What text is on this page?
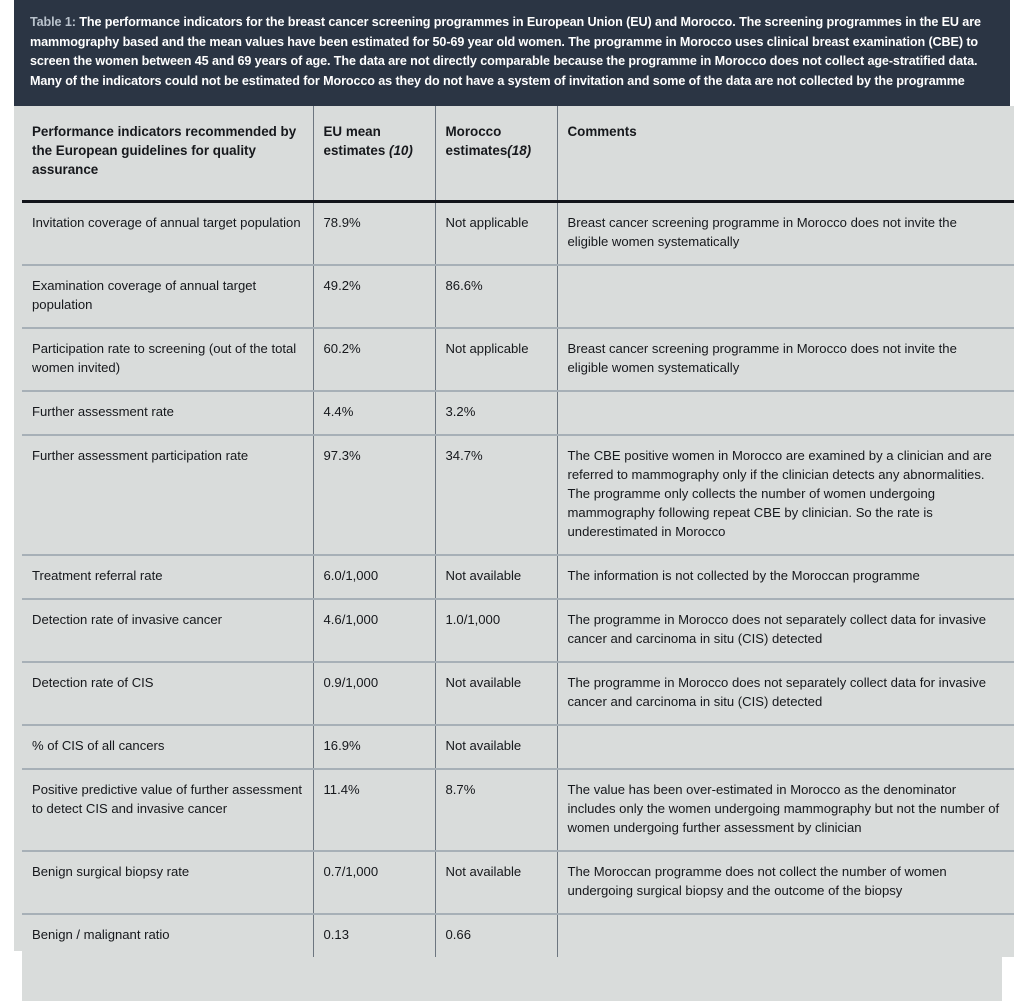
Table 1: The performance indicators for the breast cancer screening programmes in European Union (EU) and Morocco. The screening programmes in the EU are mammography based and the mean values have been estimated for 50-69 year old women. The programme in Morocco uses clinical breast examination (CBE) to screen the women between 45 and 69 years of age. The data are not directly comparable because the programme in Morocco does not collect age-stratified data. Many of the indicators could not be estimated for Morocco as they do not have a system of invitation and some of the data are not collected by the programme
Performance indicators recommended by the European guidelines for quality assurance	EU mean estimates (10)	Morocco estimates(18)	Comments
Invitation coverage of annual target population	78.9%	Not applicable	Breast cancer screening programme in Morocco does not invite the eligible women systematically
Examination coverage of annual target population	49.2%	86.6%	
Participation rate to screening (out of the total women invited)	60.2%	Not applicable	Breast cancer screening programme in Morocco does not invite the eligible women systematically
Further assessment rate	4.4%	3.2%	
Further assessment participation rate	97.3%	34.7%	The CBE positive women in Morocco are examined by a clinician and are referred to mammography only if the clinician detects any abnormalities. The programme only collects the number of women undergoing mammography following repeat CBE by clinician. So the rate is underestimated in Morocco
Treatment referral rate	6.0/1,000	Not available	The information is not collected by the Moroccan programme
Detection rate of invasive cancer	4.6/1,000	1.0/1,000	The programme in Morocco does not separately collect data for invasive cancer and carcinoma in situ (CIS) detected
Detection rate of CIS	0.9/1,000	Not available	The programme in Morocco does not separately collect data for invasive cancer and carcinoma in situ (CIS) detected
% of CIS of all cancers	16.9%	Not available	
Positive predictive value of further assessment to detect CIS and invasive cancer	11.4%	8.7%	The value has been over-estimated in Morocco as the denominator includes only the women undergoing mammography but not the number of women undergoing further assessment by clinician
Benign surgical biopsy rate	0.7/1,000	Not available	The Moroccan programme does not collect the number of women undergoing surgical biopsy and the outcome of the biopsy
Benign / malignant ratio	0.13	0.66	
